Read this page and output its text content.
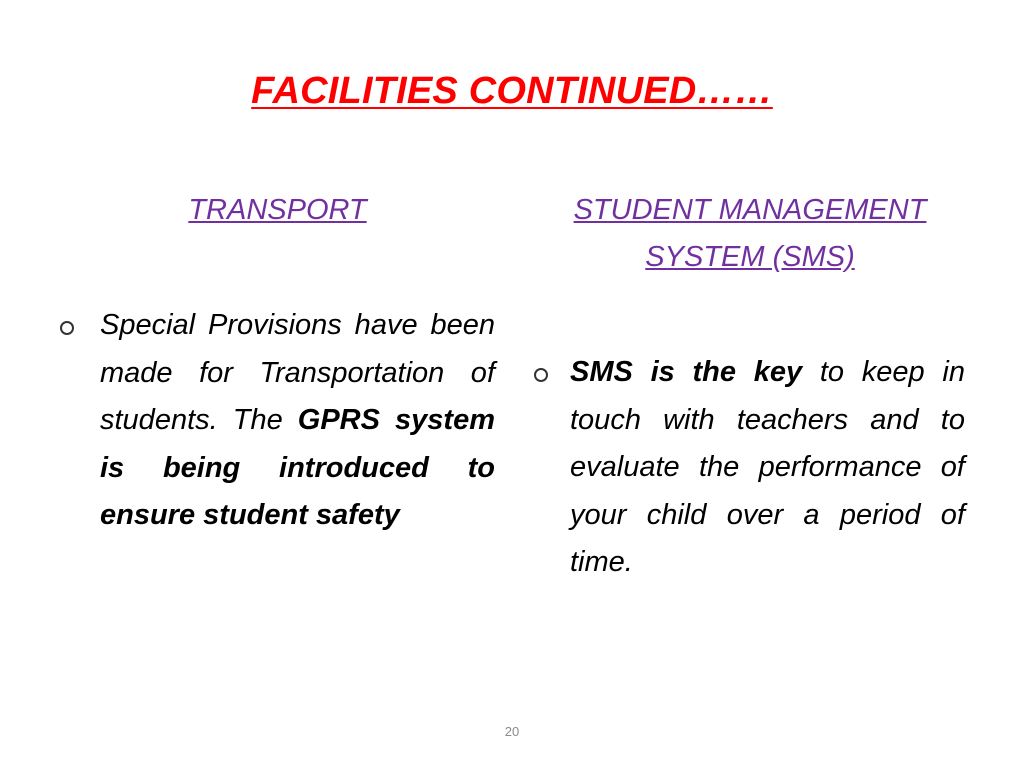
FACILITIES CONTINUED……
TRANSPORT	STUDENT MANAGEMENT
SYSTEM (SMS)
Special Provisions have been made for Transportation of students. The GPRS system is being introduced to ensure student safety
SMS is the key to keep in touch with teachers and to evaluate the performance of your child over a period of time.
20
